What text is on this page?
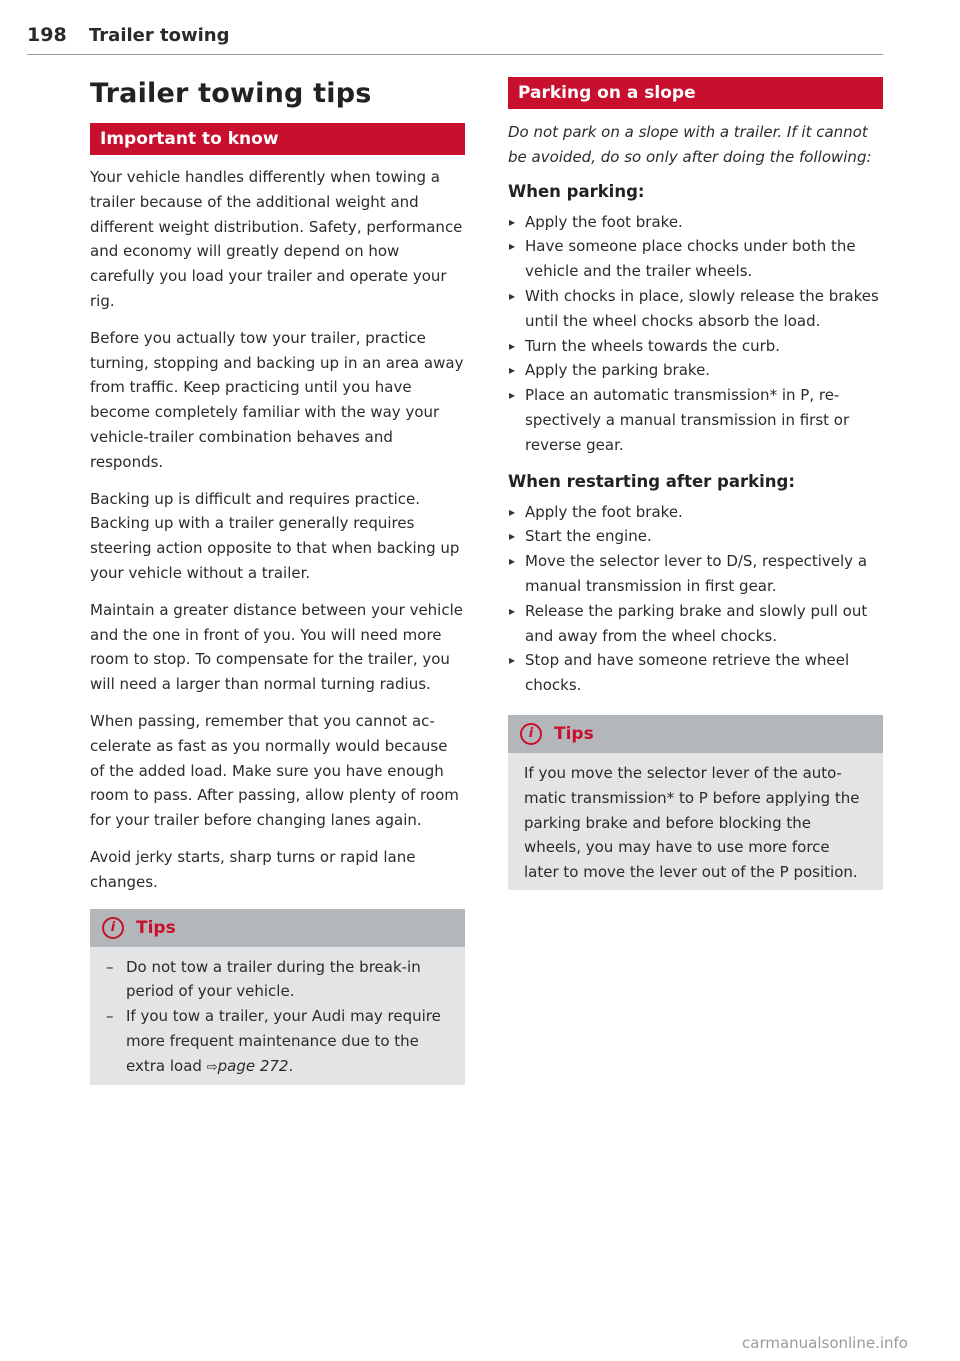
198 Trailer towing
Trailer towing tips
Important to know

Your vehicle handles differently when towing a trailer because of the additional weight and different weight distribution. Safety, performance and economy will greatly depend on how carefully you load your trailer and operate your rig.

Before you actually tow your trailer, practice turning, stopping and backing up in an area away from traffic. Keep practicing until you have become completely familiar with the way your vehicle-trailer combination behaves and responds.

Backing up is difficult and requires practice. Backing up with a trailer generally requires steering action opposite to that when backing up your vehicle without a trailer.

Maintain a greater distance between your vehicle and the one in front of you. You will need more room to stop. To compensate for the trailer, you will need a larger than normal turning radius.

When passing, remember that you cannot accelerate as fast as you normally would because of the added load. Make sure you have enough room to pass. After passing, allow plenty of room for your trailer before changing lanes again.

Avoid jerky starts, sharp turns or rapid lane changes.

i	Tips
– Do not tow a trailer during the break-in period of your vehicle.
– If you tow a trailer, your Audi may require more frequent maintenance due to the extra load ⇨page 272.
Parking on a slope

Do not park on a slope with a trailer. If it cannot be avoided, do so only after doing the following:

When parking:
▸ Apply the foot brake.
▸ Have someone place chocks under both the vehicle and the trailer wheels.
▸ With chocks in place, slowly release the brakes until the wheel chocks absorb the load.
▸ Turn the wheels towards the curb.
▸ Apply the parking brake.
▸ Place an automatic transmission* in P, respectively a manual transmission in first or reverse gear.
When restarting after parking:
▸ Apply the foot brake.
▸ Start the engine.
▸ Move the selector lever to D/S, respectively a manual transmission in first gear.
▸ Release the parking brake and slowly pull out and away from the wheel chocks.
▸ Stop and have someone retrieve the wheel chocks.
i	Tips

If you move the selector lever of the automatic transmission* to P before applying the parking brake and before blocking the wheels, you may have to use more force later to move the lever out of the P position.

carmanualsonline.info
